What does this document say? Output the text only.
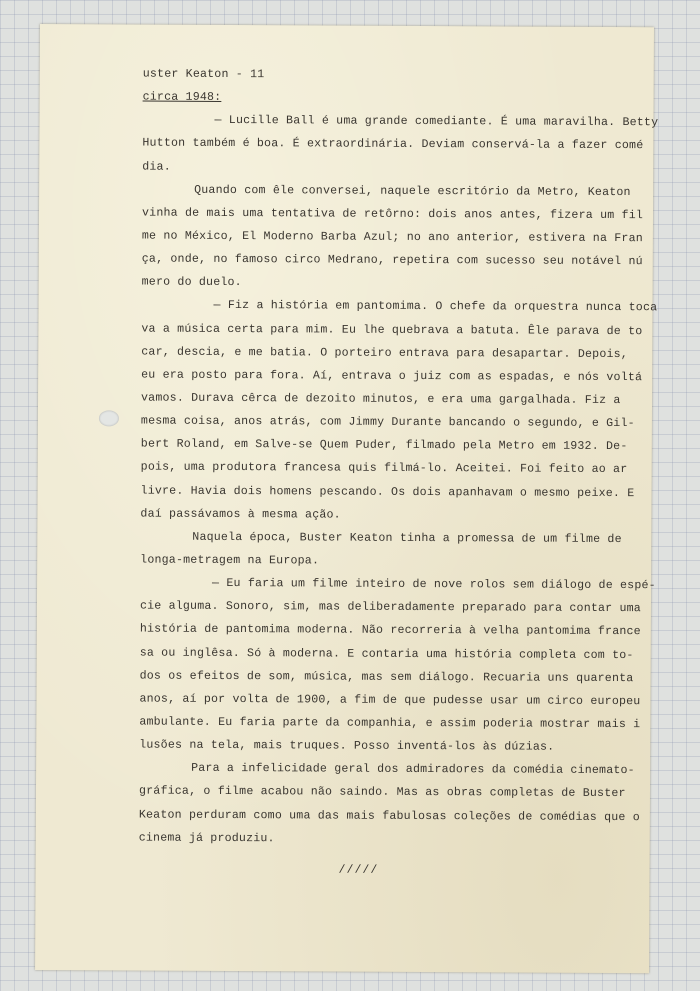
uster Keaton - 11
circa 1948:
— Lucille Ball é uma grande comediante. É uma maravilha. Betty
Hutton também é boa. É extraordinária. Deviam conservá-la a fazer comé
dia.
Quando com êle conversei, naquele escritório da Metro, Keaton
vinha de mais uma tentativa de retôrno: dois anos antes, fizera um fil
me no México, El Moderno Barba Azul; no ano anterior, estivera na Fran
ça, onde, no famoso circo Medrano, repetira com sucesso seu notável nú
mero do duelo.
— Fiz a história em pantomima. O chefe da orquestra nunca toca
va a música certa para mim. Eu lhe quebrava a batuta. Êle parava de to
car, descia, e me batia. O porteiro entrava para desapartar. Depois,
eu era posto para fora. Aí, entrava o juiz com as espadas, e nós voltá
vamos. Durava cêrca de dezoito minutos, e era uma gargalhada. Fiz a
mesma coisa, anos atrás, com Jimmy Durante bancando o segundo, e Gil-
bert Roland, em Salve-se Quem Puder, filmado pela Metro em 1932. De-
pois, uma produtora francesa quis filmá-lo. Aceitei. Foi feito ao ar
livre. Havia dois homens pescando. Os dois apanhavam o mesmo peixe. E
daí passávamos à mesma ação.
Naquela época, Buster Keaton tinha a promessa de um filme de
longa-metragem na Europa.
— Eu faria um filme inteiro de nove rolos sem diálogo de espé-
cie alguma. Sonoro, sim, mas deliberadamente preparado para contar uma
história de pantomima moderna. Não recorreria à velha pantomima france
sa ou inglêsa. Só à moderna. E contaria uma história completa com to-
dos os efeitos de som, música, mas sem diálogo. Recuaria uns quarenta
anos, aí por volta de 1900, a fim de que pudesse usar um circo europeu
ambulante. Eu faria parte da companhia, e assim poderia mostrar mais i
lusões na tela, mais truques. Posso inventá-los às dúzias.
Para a infelicidade geral dos admiradores da comédia cinemato-
gráfica, o filme acabou não saindo. Mas as obras completas de Buster
Keaton perduram como uma das mais fabulosas coleções de comédias que o
cinema já produziu.
/////
